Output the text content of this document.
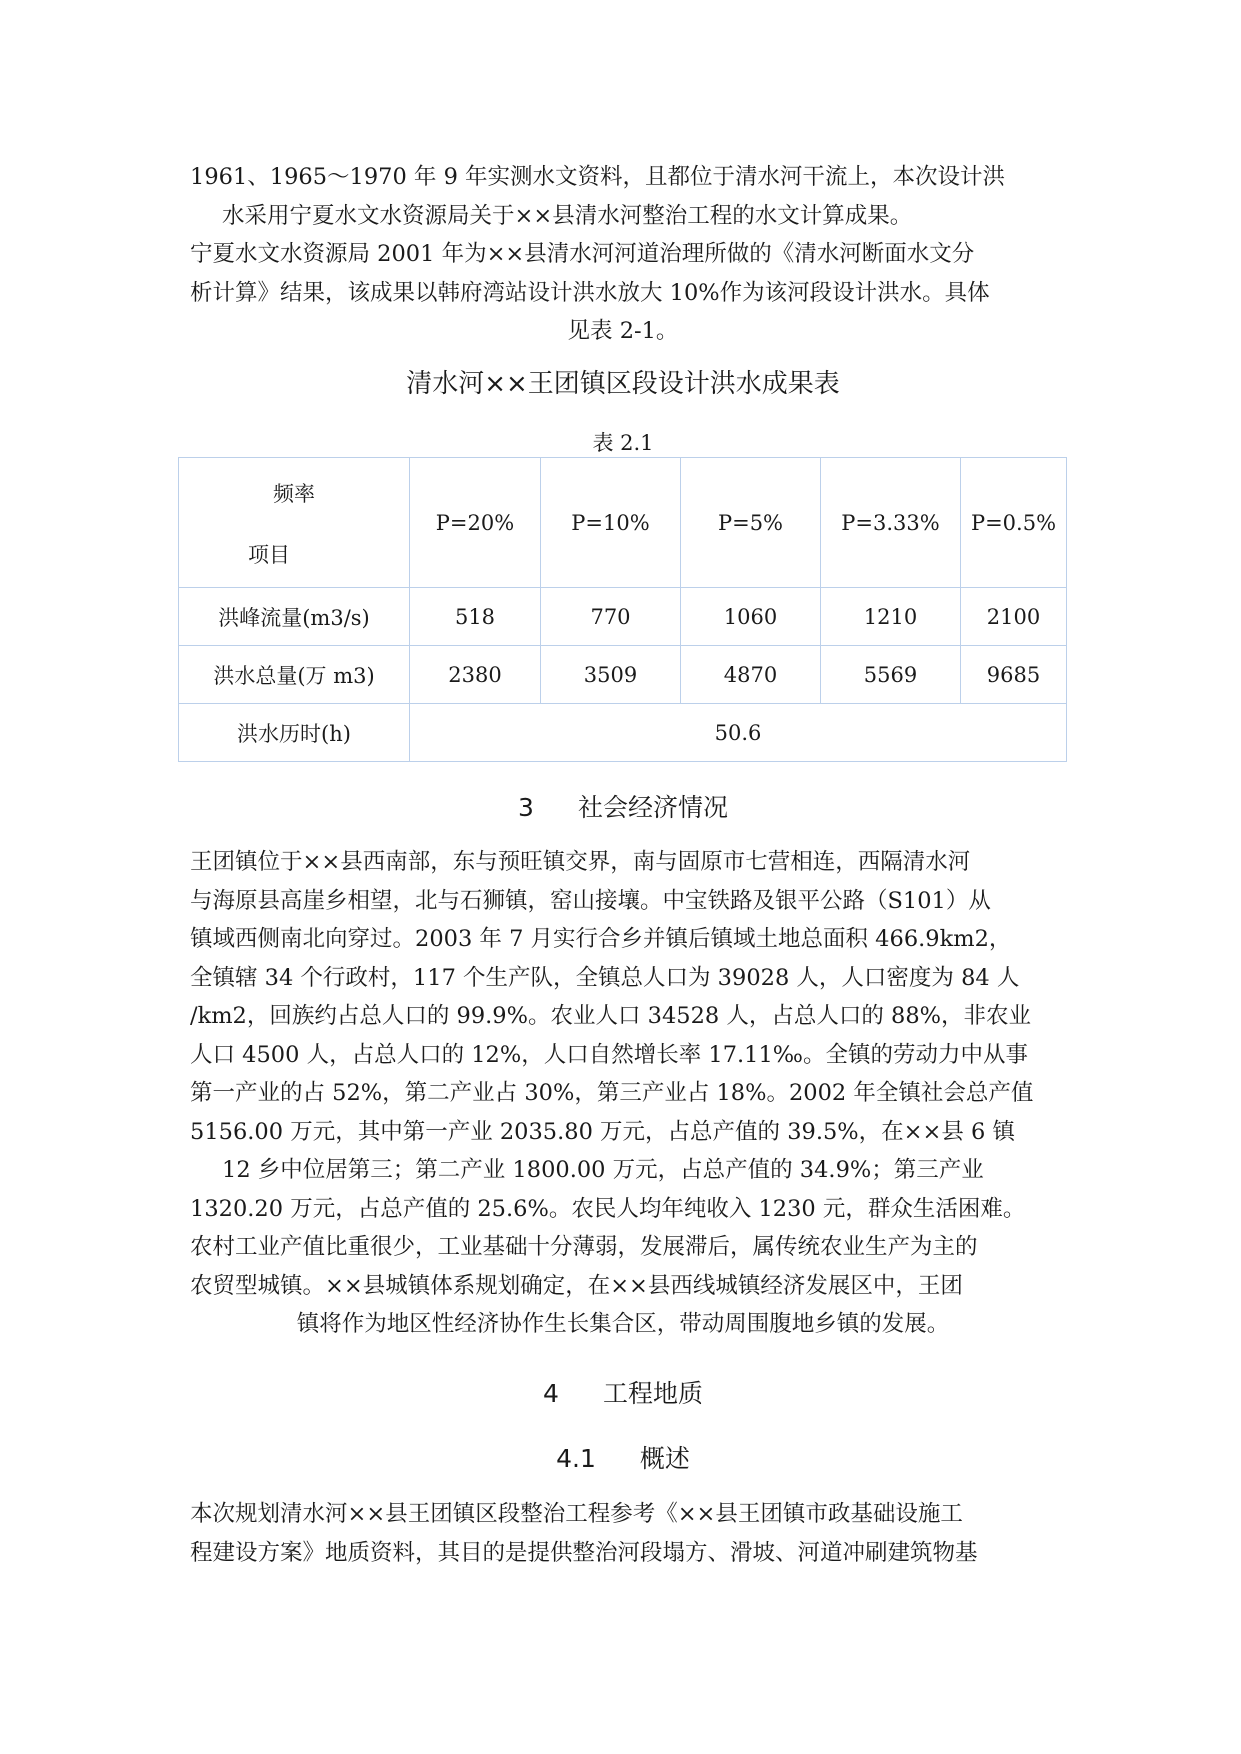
1961、1965～1970 年 9 年实测水文资料，且都位于清水河干流上，本次设计洪
水采用宁夏水文水资源局关于××县清水河整治工程的水文计算成果。
宁夏水文水资源局 2001 年为××县清水河河道治理所做的《清水河断面水文分
析计算》结果，该成果以韩府湾站设计洪水放大 10%作为该河段设计洪水。具体
见表 2-1。
清水河××王团镇区段设计洪水成果表
表 2.1
频率
项目	P=20%	P=10%	P=5%	P=3.33%	P=0.5%
洪峰流量(m3/s)	518	770	1060	1210	2100
洪水总量(万 m3)	2380	3509	4870	5569	9685
洪水历时(h)	50.6				
3 社会经济情况
王团镇位于××县西南部，东与预旺镇交界，南与固原市七营相连，西隔清水河
与海原县高崖乡相望，北与石狮镇，窑山接壤。中宝铁路及银平公路（S101）从
镇域西侧南北向穿过。2003 年 7 月实行合乡并镇后镇域土地总面积 466.9km2，
全镇辖 34 个行政村，117 个生产队，全镇总人口为 39028 人，人口密度为 84 人
/km2，回族约占总人口的 99.9%。农业人口 34528 人，占总人口的 88%，非农业
人口 4500 人，占总人口的 12%，人口自然增长率 17.11‰。全镇的劳动力中从事
第一产业的占 52%，第二产业占 30%，第三产业占 18%。2002 年全镇社会总产值
5156.00 万元，其中第一产业 2035.80 万元，占总产值的 39.5%，在××县 6 镇
12 乡中位居第三；第二产业 1800.00 万元，占总产值的 34.9%；第三产业
1320.20 万元，占总产值的 25.6%。农民人均年纯收入 1230 元，群众生活困难。
农村工业产值比重很少，工业基础十分薄弱，发展滞后，属传统农业生产为主的
农贸型城镇。××县城镇体系规划确定，在××县西线城镇经济发展区中，王团
镇将作为地区性经济协作生长集合区，带动周围腹地乡镇的发展。
4 工程地质
4.1 概述
本次规划清水河××县王团镇区段整治工程参考《××县王团镇市政基础设施工
程建设方案》地质资料，其目的是提供整治河段塌方、滑坡、河道冲刷建筑物基
